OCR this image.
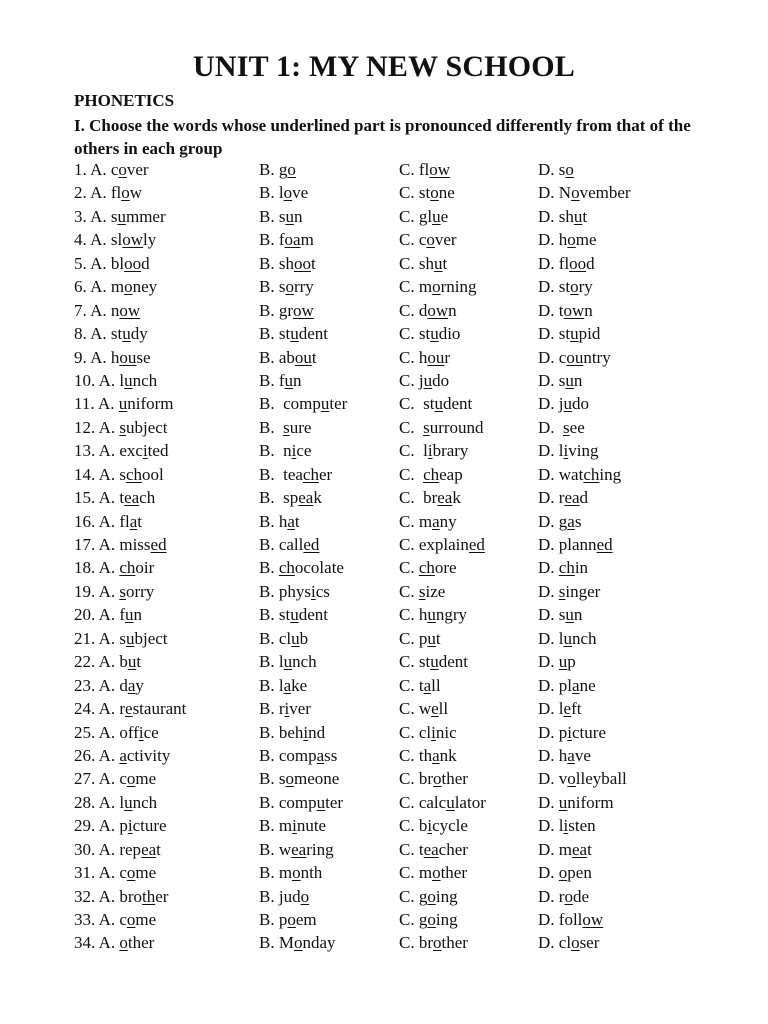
UNIT 1: MY NEW SCHOOL
PHONETICS
I. Choose the words whose underlined part is pronounced differently from that of the others in each group
1. A. cover	B. go	C. flow	D. so
2. A. flow	B. love	C. stone	D. November
3. A. summer	B. sun	C. glue	D. shut
4. A. slowly	B. foam	C. cover	D. home
5. A. blood	B. shoot	C. shut	D. flood
6. A. money	B. sorry	C. morning	D. story
7. A. now	B. grow	C. down	D. town
8. A. study	B. student	C. studio	D. stupid
9. A. house	B. about	C. hour	D. country
10. A. lunch	B. fun	C. judo	D. sun
11. A. uniform	B.  computer	C.  student	D. judo
12. A. subject	B.  sure	C.  surround	D.  see
13. A. excited	B.  nice	C.  library	D. living
14. A. school	B.  teacher	C.  cheap	D. watching
15. A. teach	B.  speak	C.  break	D. read
16. A. flat	B. hat	C. many	D. gas
17. A. missed	B. called	C. explained	D. planned
18. A. choir	B. chocolate	C. chore	D. chin
19. A. sorry	B. physics	C. size	D. singer
20. A. fun	B. student	C. hungry	D. sun
21. A. subject	B. club	C. put	D. lunch
22. A. but	B. lunch	C. student	D. up
23. A. day	B. lake	C. tall	D. plane
24. A. restaurant	B. river	C. well	D. left
25. A. office	B. behind	C. clinic	D. picture
26. A. activity	B. compass	C. thank	D. have
27. A. come	B. someone	C. brother	D. volleyball
28. A. lunch	B. computer	C. calculator	D. uniform
29. A. picture	B. minute	C. bicycle	D. listen
30. A. repeat	B. wearing	C. teacher	D. meat
31. A. come	B. month	C. mother	D. open
32. A. brother	B. judo	C. going	D. rode
33. A. come	B. poem	C. going	D. follow
34. A. other	B. Monday	C. brother	D. closer
